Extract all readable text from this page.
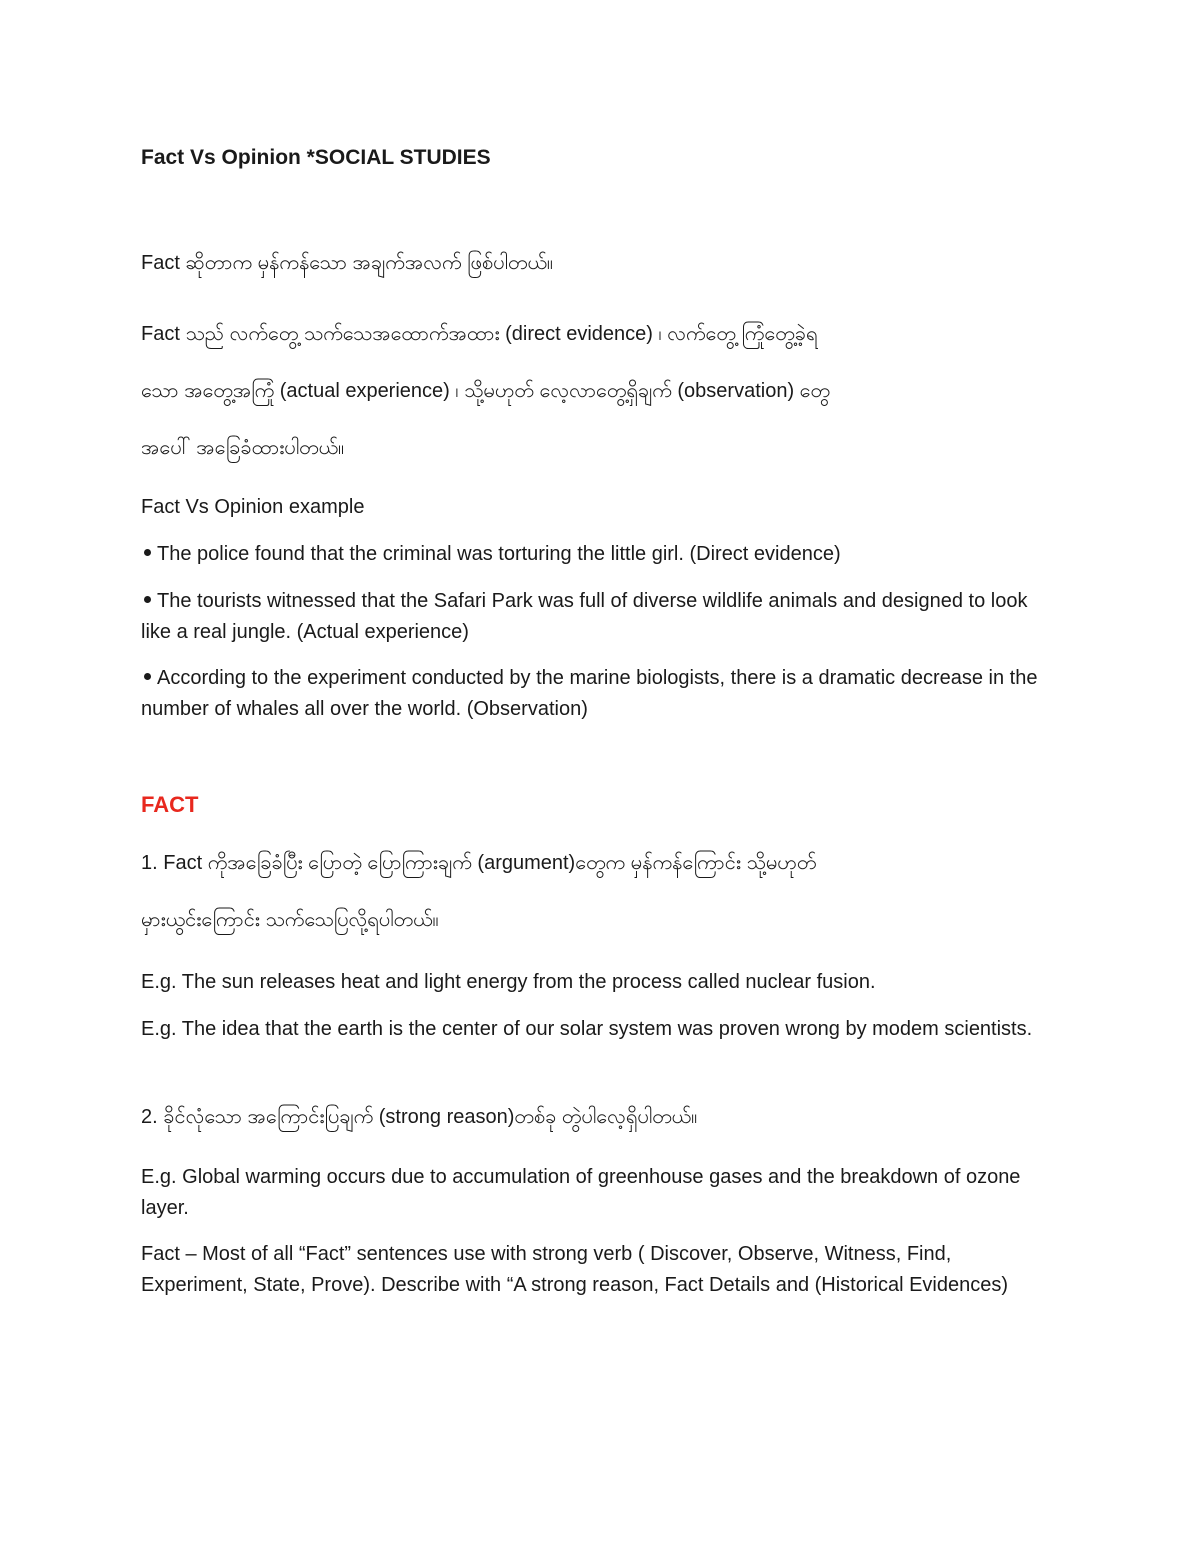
Fact Vs Opinion *SOCIAL STUDIES
Fact ဆိုတာက မှန်ကန်သော အချက်အလက် ဖြစ်ပါတယ်။
Fact သည် လက်တွေ့ သက်သေအထောက်အထား (direct evidence) ၊ လက်တွေ့ ကြုံတွေ့ခဲ့ရ
သော အတွေ့အကြုံ (actual experience) ၊ သို့မဟုတ် လေ့လာတွေ့ရှိချက် (observation) တွေ
အပေါ် အခြေခံထားပါတယ်။
Fact Vs Opinion example
The police found that the criminal was torturing the little girl. (Direct evidence)
The tourists witnessed that the Safari Park was full of diverse wildlife animals and designed to look like a real jungle. (Actual experience)
According to the experiment conducted by the marine biologists, there is a dramatic decrease in the number of whales all over the world. (Observation)
FACT
1. Fact ကိုအခြေခံပြီး ပြောတဲ့ ပြောကြားချက် (argument)တွေက မှန်ကန်ကြောင်း သို့မဟုတ်
မှားယွင်းကြောင်း သက်သေပြလို့ရပါတယ်။
E.g. The sun releases heat and light energy from the process called nuclear fusion.
E.g. The idea that the earth is the center of our solar system was proven wrong by modem scientists.
2. ခိုင်လုံသော အကြောင်းပြချက် (strong reason)တစ်ခု တွဲပါလေ့ရှိပါတယ်။
E.g. Global warming occurs due to accumulation of greenhouse gases and the breakdown of ozone layer.
Fact – Most of all “Fact” sentences use with strong verb ( Discover, Observe, Witness, Find, Experiment, State, Prove). Describe with “A strong reason, Fact Details and (Historical Evidences)
